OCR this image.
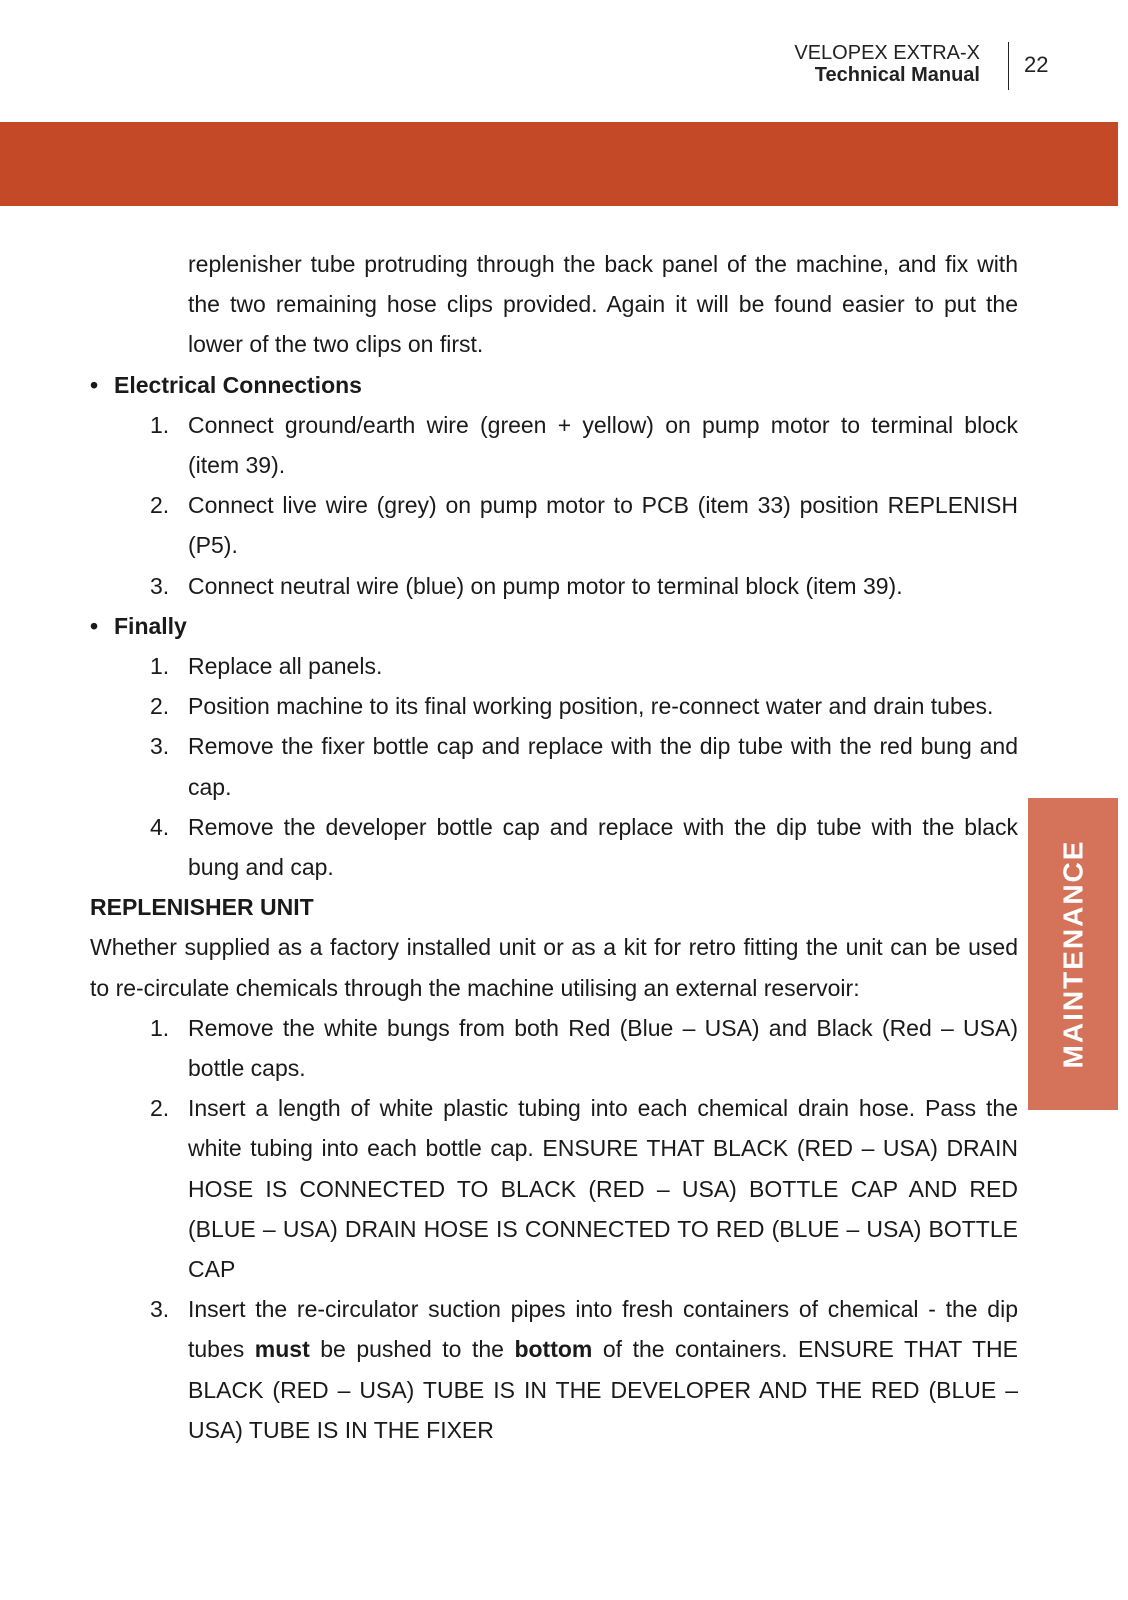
VELOPEX EXTRA-X
Technical Manual 22
MAINTENANCE

replenisher tube protruding through the back panel of the machine, and fix with the two remaining hose clips provided. Again it will be found easier to put the lower of the two clips on first.

• Electrical Connections

1. Connect ground/earth wire (green + yellow) on pump motor to terminal block (item 39).

2. Connect live wire (grey) on pump motor to PCB (item 33) position REPLENISH (P5).

3. Connect neutral wire (blue) on pump motor to terminal block (item 39).

• Finally

1. Replace all panels.

2. Position machine to its final working position, re-connect water and drain tubes.

3. Remove the fixer bottle cap and replace with the dip tube with the red bung and cap.

4. Remove the developer bottle cap and replace with the dip tube with the black bung and cap.

REPLENISHER UNIT

Whether supplied as a factory installed unit or as a kit for retro fitting the unit can be used to re-circulate chemicals through the machine utilising an external reservoir:

1. Remove the white bungs from both Red (Blue – USA) and Black (Red – USA) bottle caps.

2. Insert a length of white plastic tubing into each chemical drain hose. Pass the white tubing into each bottle cap. ENSURE THAT BLACK (RED – USA) DRAIN HOSE IS CONNECTED TO BLACK (RED – USA) BOTTLE CAP AND RED (BLUE – USA) DRAIN HOSE IS CONNECTED TO RED (BLUE – USA) BOTTLE CAP

3. Insert the re-circulator suction pipes into fresh containers of chemical - the dip tubes must be pushed to the bottom of the containers. ENSURE THAT THE BLACK (RED – USA) TUBE IS IN THE DEVELOPER AND THE RED (BLUE – USA) TUBE IS IN THE FIXER
